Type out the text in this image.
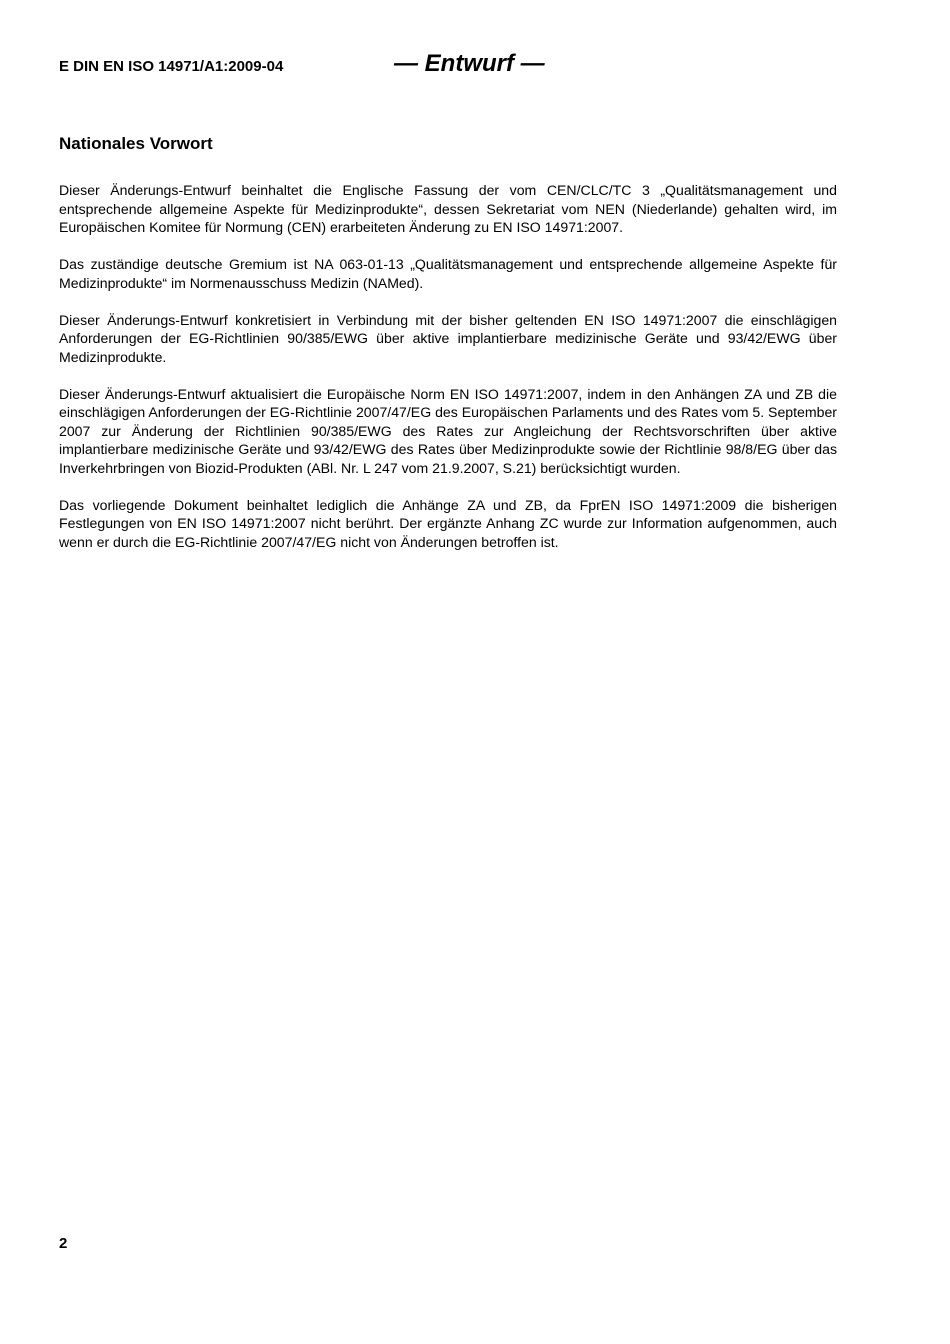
E DIN EN ISO 14971/A1:2009-04	— Entwurf —
Nationales Vorwort

Dieser Änderungs-Entwurf beinhaltet die Englische Fassung der vom CEN/CLC/TC 3 „Qualitätsmanagement und entsprechende allgemeine Aspekte für Medizinprodukte“, dessen Sekretariat vom NEN (Niederlande) gehalten wird, im Europäischen Komitee für Normung (CEN) erarbeiteten Änderung zu EN ISO 14971:2007.

Das zuständige deutsche Gremium ist NA 063-01-13 „Qualitätsmanagement und entsprechende allgemeine Aspekte für Medizinprodukte“ im Normenausschuss Medizin (NAMed).

Dieser Änderungs-Entwurf konkretisiert in Verbindung mit der bisher geltenden EN ISO 14971:2007 die einschlägigen Anforderungen der EG-Richtlinien 90/385/EWG über aktive implantierbare medizinische Geräte und 93/42/EWG über Medizinprodukte.

Dieser Änderungs-Entwurf aktualisiert die Europäische Norm EN ISO 14971:2007, indem in den Anhängen ZA und ZB die einschlägigen Anforderungen der EG-Richtlinie 2007/47/EG des Europäischen Parlaments und des Rates vom 5. September 2007 zur Änderung der Richtlinien 90/385/EWG des Rates zur Angleichung der Rechtsvorschriften über aktive implantierbare medizinische Geräte und 93/42/EWG des Rates über Medizinprodukte sowie der Richtlinie 98/8/EG über das Inverkehrbringen von Biozid-Produkten (ABl. Nr. L 247 vom 21.9.2007, S.21) berücksichtigt wurden.

Das vorliegende Dokument beinhaltet lediglich die Anhänge ZA und ZB, da FprEN ISO 14971:2009 die bisherigen Festlegungen von EN ISO 14971:2007 nicht berührt. Der ergänzte Anhang ZC wurde zur Information aufgenommen, auch wenn er durch die EG-Richtlinie 2007/47/EG nicht von Änderungen betroffen ist.

2
